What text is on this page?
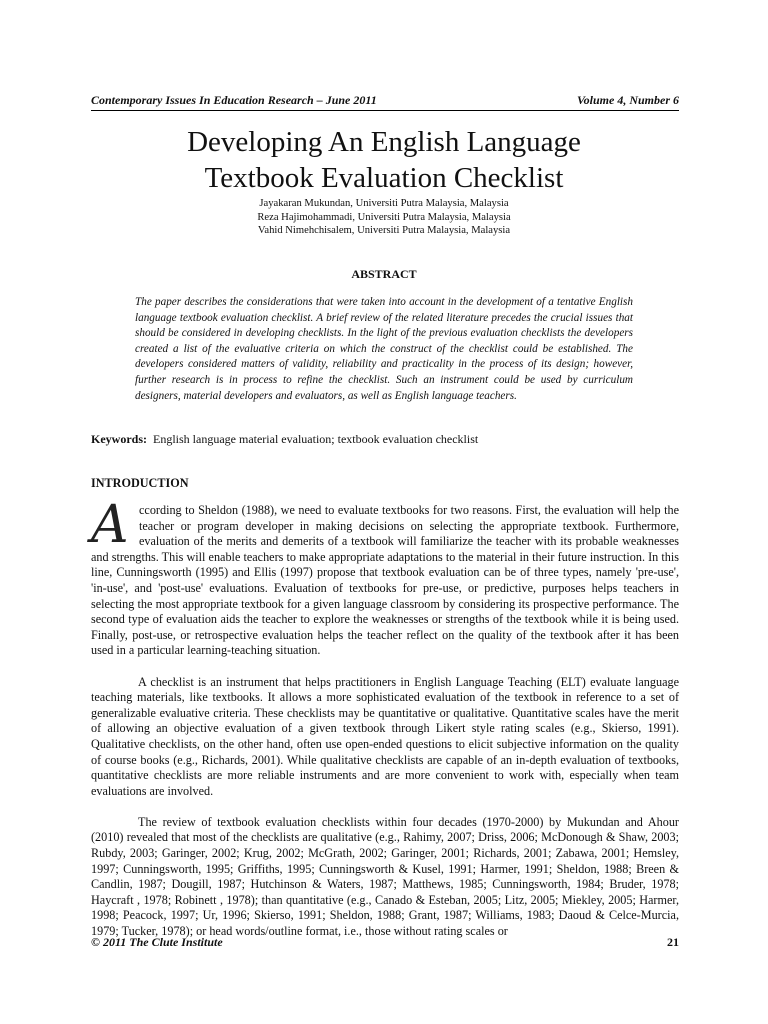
Contemporary Issues In Education Research – June 2011	Volume 4, Number 6
Developing An English Language
Textbook Evaluation Checklist
Jayakaran Mukundan, Universiti Putra Malaysia, Malaysia
Reza Hajimohammadi, Universiti Putra Malaysia, Malaysia
Vahid Nimehchisalem, Universiti Putra Malaysia, Malaysia
ABSTRACT
The paper describes the considerations that were taken into account in the development of a tentative English language textbook evaluation checklist. A brief review of the related literature precedes the crucial issues that should be considered in developing checklists. In the light of the previous evaluation checklists the developers created a list of the evaluative criteria on which the construct of the checklist could be established. The developers considered matters of validity, reliability and practicality in the process of its design; however, further research is in process to refine the checklist. Such an instrument could be used by curriculum designers, material developers and evaluators, as well as English language teachers.
Keywords: English language material evaluation; textbook evaluation checklist
INTRODUCTION

According to Sheldon (1988), we need to evaluate textbooks for two reasons. First, the evaluation will help the teacher or program developer in making decisions on selecting the appropriate textbook. Furthermore, evaluation of the merits and demerits of a textbook will familiarize the teacher with its probable weaknesses and strengths. This will enable teachers to make appropriate adaptations to the material in their future instruction. In this line, Cunningsworth (1995) and Ellis (1997) propose that textbook evaluation can be of three types, namely 'pre-use', 'in-use', and 'post-use' evaluations. Evaluation of textbooks for pre-use, or predictive, purposes helps teachers in selecting the most appropriate textbook for a given language classroom by considering its prospective performance. The second type of evaluation aids the teacher to explore the weaknesses or strengths of the textbook while it is being used. Finally, post-use, or retrospective evaluation helps the teacher reflect on the quality of the textbook after it has been used in a particular learning-teaching situation.

A checklist is an instrument that helps practitioners in English Language Teaching (ELT) evaluate language teaching materials, like textbooks. It allows a more sophisticated evaluation of the textbook in reference to a set of generalizable evaluative criteria. These checklists may be quantitative or qualitative. Quantitative scales have the merit of allowing an objective evaluation of a given textbook through Likert style rating scales (e.g., Skierso, 1991). Qualitative checklists, on the other hand, often use open-ended questions to elicit subjective information on the quality of course books (e.g., Richards, 2001). While qualitative checklists are capable of an in-depth evaluation of textbooks, quantitative checklists are more reliable instruments and are more convenient to work with, especially when team evaluations are involved.

The review of textbook evaluation checklists within four decades (1970-2000) by Mukundan and Ahour (2010) revealed that most of the checklists are qualitative (e.g., Rahimy, 2007; Driss, 2006; McDonough & Shaw, 2003; Rubdy, 2003; Garinger, 2002; Krug, 2002; McGrath, 2002; Garinger, 2001; Richards, 2001; Zabawa, 2001; Hemsley, 1997; Cunningsworth, 1995; Griffiths, 1995; Cunningsworth & Kusel, 1991; Harmer, 1991; Sheldon, 1988; Breen & Candlin, 1987; Dougill, 1987; Hutchinson & Waters, 1987; Matthews, 1985; Cunningsworth, 1984; Bruder, 1978; Haycraft , 1978; Robinett , 1978); than quantitative (e.g., Canado & Esteban, 2005; Litz, 2005; Miekley, 2005; Harmer, 1998; Peacock, 1997; Ur, 1996; Skierso, 1991; Sheldon, 1988; Grant, 1987; Williams, 1983; Daoud & Celce-Murcia, 1979; Tucker, 1978); or head words/outline format, i.e., those without rating scales or

© 2011 The Clute Institute	21
